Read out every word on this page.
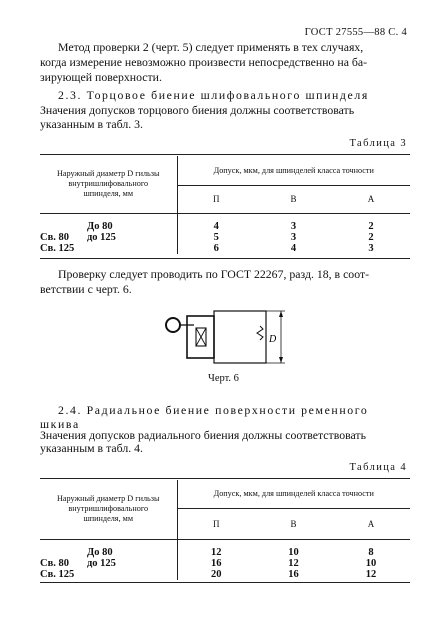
ГОСТ 27555—88 С. 4
Метод проверки 2 (черт. 5) следует применять в тех случаях,
когда измерение невозможно произвести непосредственно на ба-
зирующей поверхности.
2.3. Торцовое биение шлифовального шпинделя
Значения допусков торцового биения должны соответствовать
указанным в табл. 3.
Таблица 3
Наружный диаметр D гильзы
внутришлифовального
шпинделя, мм	Допуск, мкм, для шпинделей класса точности		
	П	В	А

До 80	4	3	2

Св. 80 до 125	5	3	2

Св. 125	6	4	3
Проверку следует проводить по ГОСТ 22267, разд. 18, в соот-
ветствии с черт. 6.
D
Черт. 6
2.4. Радиальное биение поверхности ременного
шкива
Значения допусков радиального биения должны соответствовать
указанным в табл. 4.
Таблица 4
Наружный диаметр D гильзы
внутришлифовального
шпинделя, мм	Допуск, мкм, для шпинделей класса точности		
	П	В	А

До 80	12	10	8

Св. 80 до 125	16	12	10

Св. 125	20	16	12
